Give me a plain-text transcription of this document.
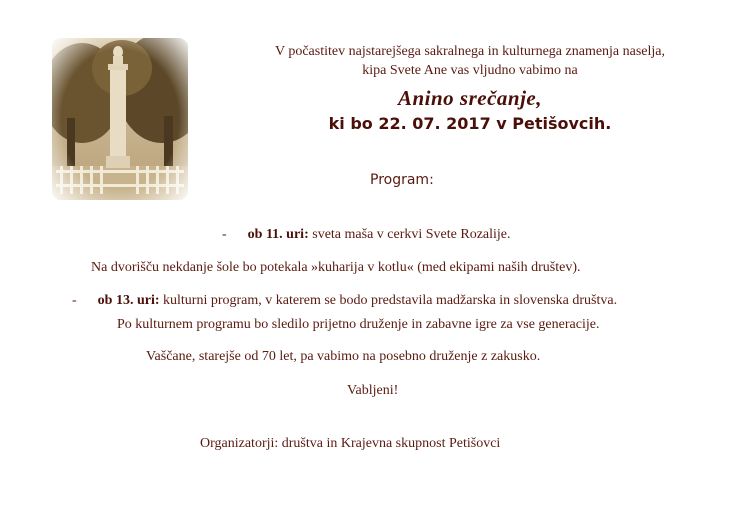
V počastitev najstarejšega sakralnega in kulturnega znamenja naselja,
kipa Svete Ane vas vljudno vabimo na
Anino srečanje,
ki bo 22. 07. 2017 v Petišovcih.
Program:
- ob 11. uri: sveta maša v cerkvi Svete Rozalije.
Na dvorišču nekdanje šole bo potekala »kuharija v kotlu« (med ekipami naših društev).
- ob 13. uri: kulturni program, v katerem se bodo predstavila madžarska in slovenska društva.
Po kulturnem programu bo sledilo prijetno druženje in zabavne igre za vse generacije.
Vaščane, starejše od 70 let, pa vabimo na posebno druženje z zakusko.
Vabljeni!
Organizatorji: društva in Krajevna skupnost Petišovci
